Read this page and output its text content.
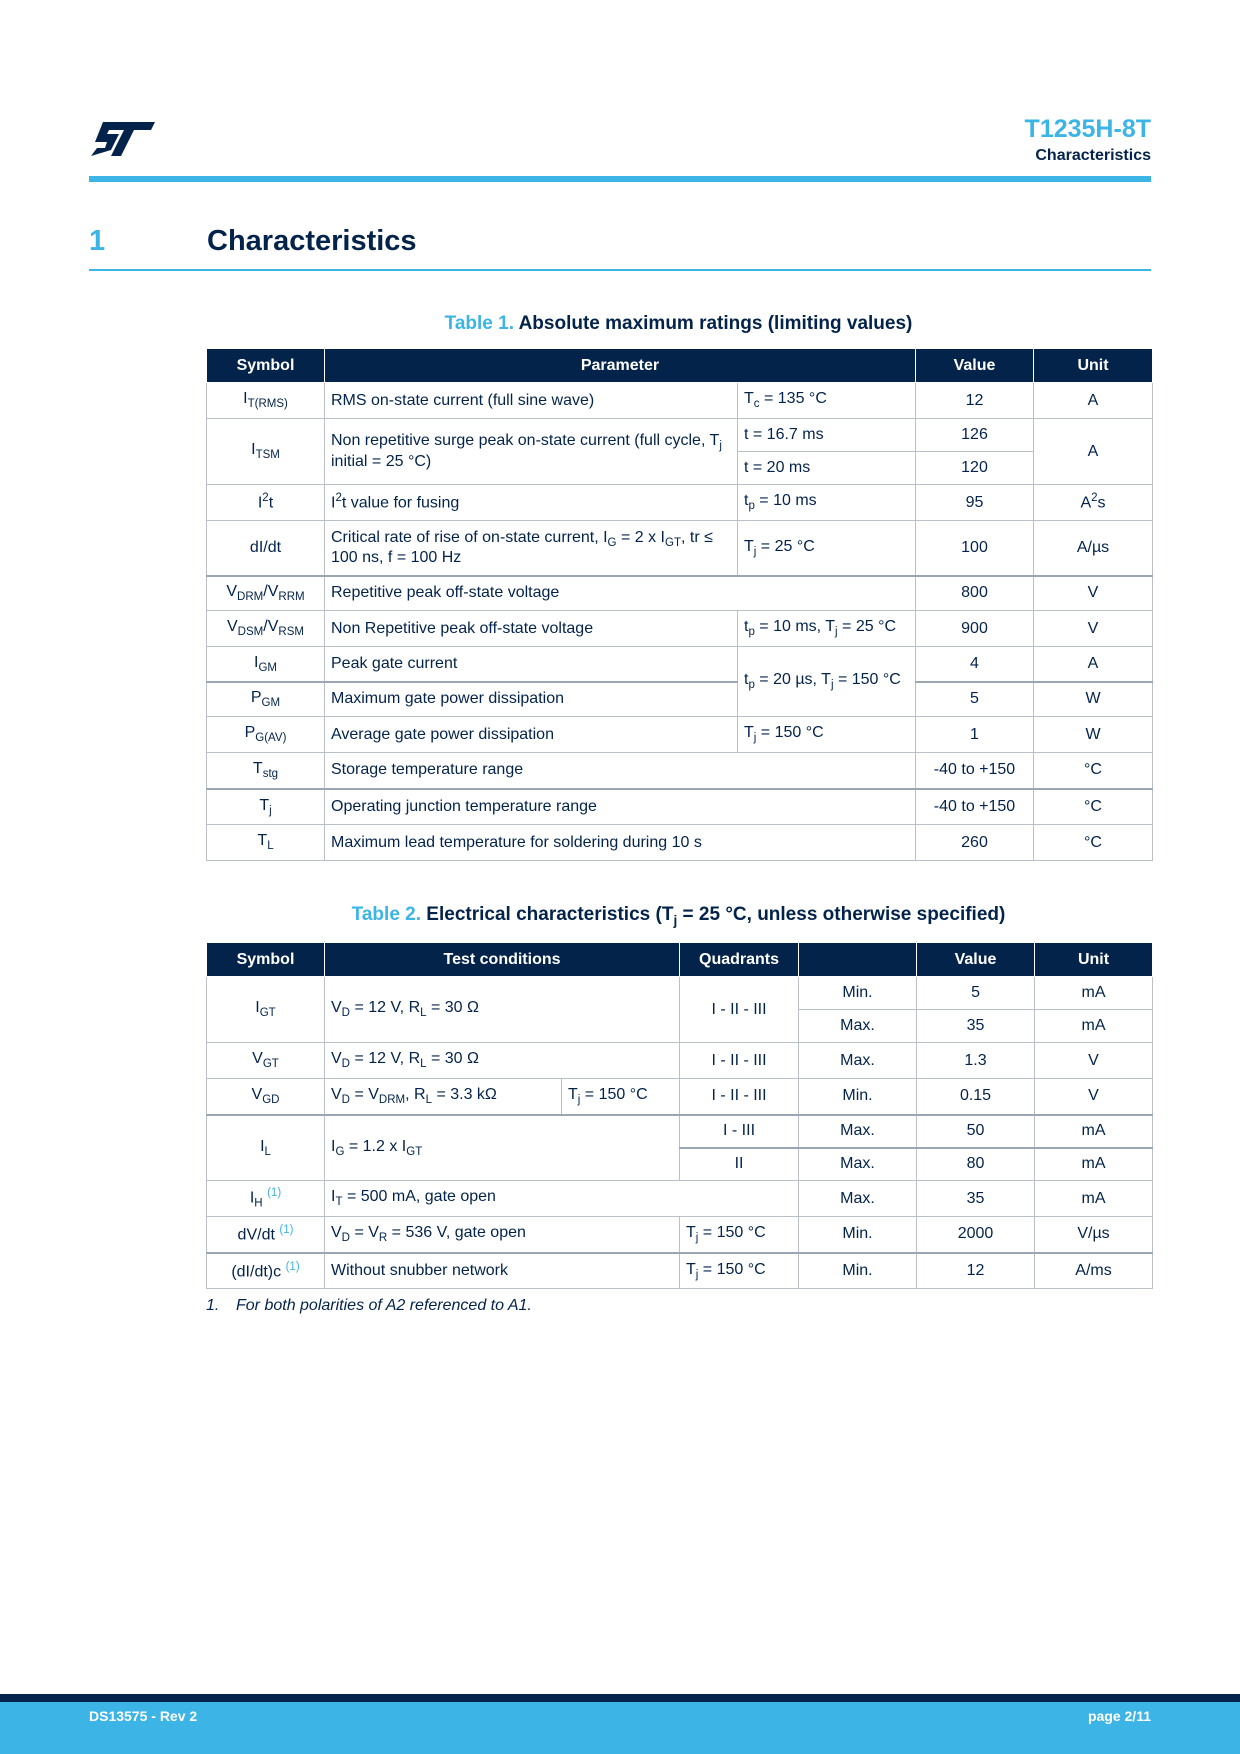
T1235H-8T
Characteristics
1	Characteristics
Table 1. Absolute maximum ratings (limiting values)
Symbol	Parameter		Value	Unit
$I_{T(RMS)}$	RMS on-state current (full sine wave)	$T_c = 135$ °C	12	A
$I_{TSM}$	Non repetitive surge peak on-state current (full cycle, $T_j$ initial = 25 °C)	t = 16.7 ms	126	A
		t = 20 ms	120	
$I^2t$	$I^2t$ value for fusing	$t_p = 10$ ms	95	$A^2s$
dI/dt	Critical rate of rise of on-state current, $I_G = 2$ x $I_{GT}$, tr ≤ 100 ns, f = 100 Hz	$T_j = 25$ °C	100	A/µs
$V_{DRM}/V_{RRM}$	Repetitive peak off-state voltage		800	V
$V_{DSM}/V_{RSM}$	Non Repetitive peak off-state voltage	$t_p = 10$ ms, $T_j = 25$ °C	900	V
$I_{GM}$	Peak gate current	$t_p = 20$ µs, $T_j = 150$ °C	4	A
$P_{GM}$	Maximum gate power dissipation		5	W
$P_{G(AV)}$	Average gate power dissipation	$T_j = 150$ °C	1	W
$T_{stg}$	Storage temperature range		-40 to +150	°C
$T_j$	Operating junction temperature range		-40 to +150	°C
$T_L$	Maximum lead temperature for soldering during 10 s		260	°C
Table 2. Electrical characteristics ($T_j = 25$ °C, unless otherwise specified)
Symbol	Test conditions		Quadrants		Value	Unit
$I_{GT}$	$V_D = 12$ V, $R_L = 30$ Ω		I - II - III	Min.	5	mA
				Max.	35	mA
$V_{GT}$	$V_D = 12$ V, $R_L = 30$ Ω		I - II - III	Max.	1.3	V
$V_{GD}$	$V_D = V_{DRM}$, $R_L = 3.3$ kΩ	$T_j = 150$ °C	I - II - III	Min.	0.15	V
$I_L$	$I_G = 1.2$ x $I_{GT}$		I - III	Max.	50	mA
			II	Max.	80	mA
$I_H$ $^{(1)}$	$I_T = 500$ mA, gate open			Max.	35	mA
dV/dt $^{(1)}$	$V_D = V_R = 536$ V, gate open		$T_j = 150$ °C	Min.	2000	V/µs
(dI/dt)c $^{(1)}$	Without snubber network		$T_j = 150$ °C	Min.	12	A/ms
1. For both polarities of A2 referenced to A1.
DS13575 - Rev 2	page 2/11
